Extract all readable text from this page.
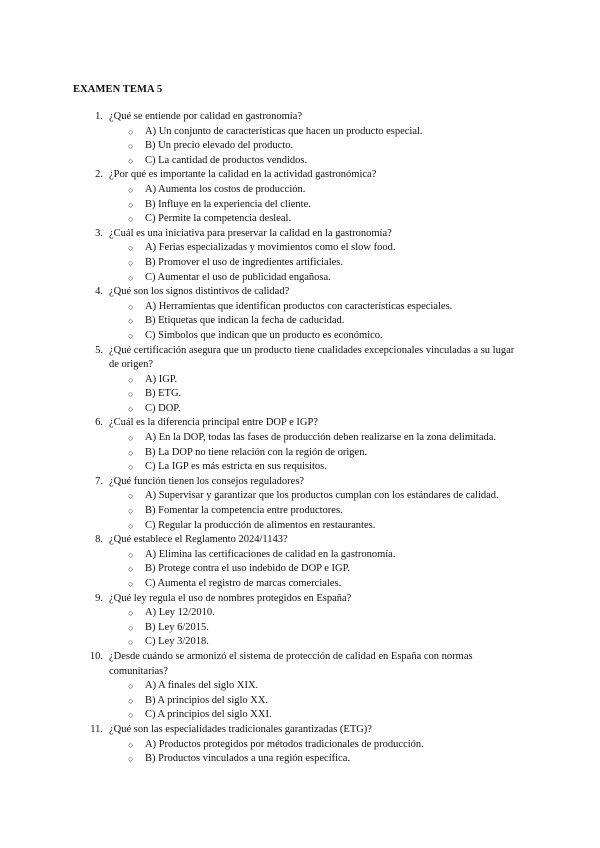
EXAMEN TEMA 5
1. ¿Qué se entiende por calidad en gastronomía?
○ A) Un conjunto de características que hacen un producto especial.
○ B) Un precio elevado del producto.
○ C) La cantidad de productos vendidos.
2. ¿Por qué es importante la calidad en la actividad gastronómica?
○ A) Aumenta los costos de producción.
○ B) Influye en la experiencia del cliente.
○ C) Permite la competencia desleal.
3. ¿Cuál es una iniciativa para preservar la calidad en la gastronomía?
○ A) Ferias especializadas y movimientos como el slow food.
○ B) Promover el uso de ingredientes artificiales.
○ C) Aumentar el uso de publicidad engañosa.
4. ¿Qué son los signos distintivos de calidad?
○ A) Herramientas que identifican productos con características especiales.
○ B) Etiquetas que indican la fecha de caducidad.
○ C) Símbolos que indican que un producto es económico.
5. ¿Qué certificación asegura que un producto tiene cualidades excepcionales vinculadas a su lugar de origen?
○ A) IGP.
○ B) ETG.
○ C) DOP.
6. ¿Cuál es la diferencia principal entre DOP e IGP?
○ A) En la DOP, todas las fases de producción deben realizarse en la zona delimitada.
○ B) La DOP no tiene relación con la región de origen.
○ C) La IGP es más estricta en sus requisitos.
7. ¿Qué función tienen los consejos reguladores?
○ A) Supervisar y garantizar que los productos cumplan con los estándares de calidad.
○ B) Fomentar la competencia entre productores.
○ C) Regular la producción de alimentos en restaurantes.
8. ¿Qué establece el Reglamento 2024/1143?
○ A) Elimina las certificaciones de calidad en la gastronomía.
○ B) Protege contra el uso indebido de DOP e IGP.
○ C) Aumenta el registro de marcas comerciales.
9. ¿Qué ley regula el uso de nombres protegidos en España?
○ A) Ley 12/2010.
○ B) Ley 6/2015.
○ C) Ley 3/2018.
10. ¿Desde cuándo se armonizó el sistema de protección de calidad en España con normas comunitarias?
○ A) A finales del siglo XIX.
○ B) A principios del siglo XX.
○ C) A principios del siglo XXI.
11. ¿Qué son las especialidades tradicionales garantizadas (ETG)?
○ A) Productos protegidos por métodos tradicionales de producción.
○ B) Productos vinculados a una región específica.
